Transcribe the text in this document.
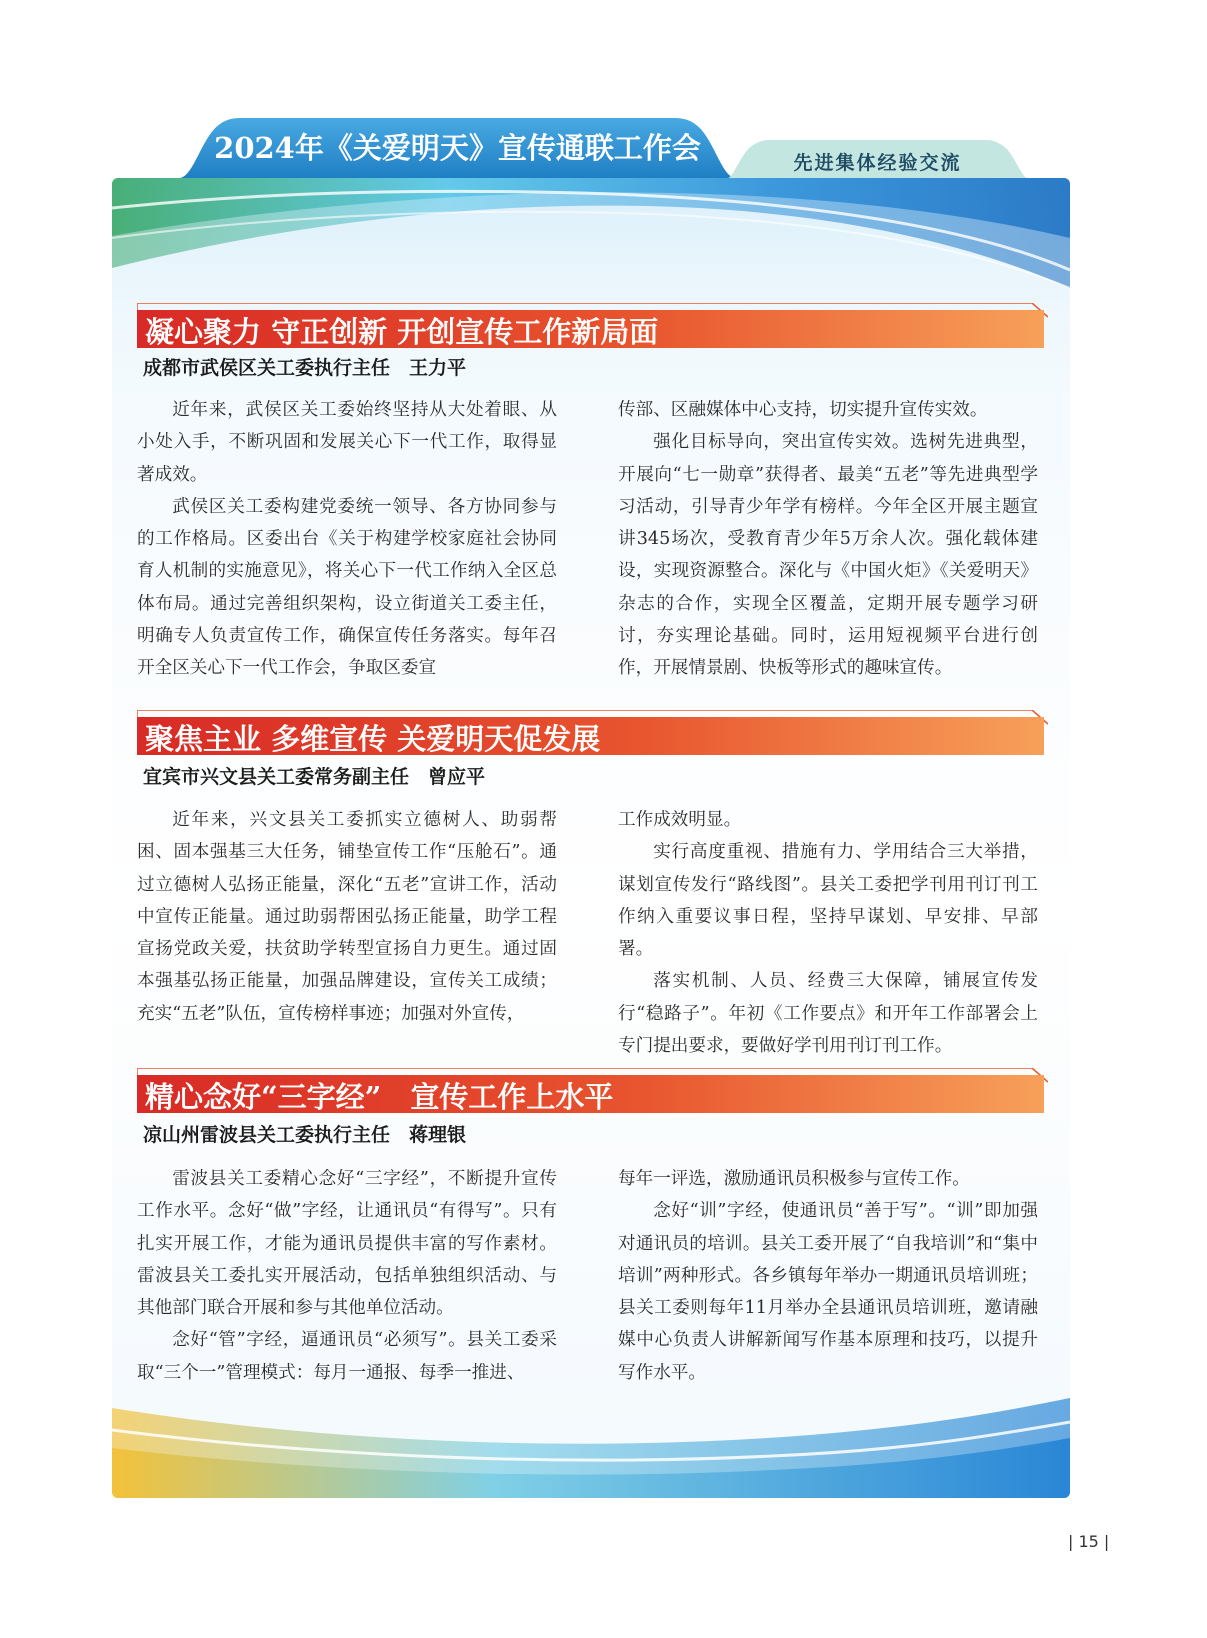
2024年《关爱明天》宣传通联工作会	先进集体经验交流
凝心聚力 守正创新 开创宣传工作新局面
成都市武侯区关工委执行主任　王力平

近年来，武侯区关工委始终坚持从大处着眼、从小处入手，不断巩固和发展关心下一代工作，取得显著成效。

武侯区关工委构建党委统一领导、各方协同参与的工作格局。区委出台《关于构建学校家庭社会协同育人机制的实施意见》，将关心下一代工作纳入全区总体布局。通过完善组织架构，设立街道关工委主任，明确专人负责宣传工作，确保宣传任务落实。每年召开全区关心下一代工作会，争取区委宣

传部、区融媒体中心支持，切实提升宣传实效。

强化目标导向，突出宣传实效。选树先进典型，开展向“七一勋章”获得者、最美“五老”等先进典型学习活动，引导青少年学有榜样。今年全区开展主题宣讲345场次，受教育青少年5万余人次。强化载体建设，实现资源整合。深化与《中国火炬》《关爱明天》杂志的合作，实现全区覆盖，定期开展专题学习研讨，夯实理论基础。同时，运用短视频平台进行创作，开展情景剧、快板等形式的趣味宣传。

聚焦主业 多维宣传 关爱明天促发展
宜宾市兴文县关工委常务副主任　曾应平

近年来，兴文县关工委抓实立德树人、助弱帮困、固本强基三大任务，铺垫宣传工作“压舱石”。通过立德树人弘扬正能量，深化“五老”宣讲工作，活动中宣传正能量。通过助弱帮困弘扬正能量，助学工程宣扬党政关爱，扶贫助学转型宣扬自力更生。通过固本强基弘扬正能量，加强品牌建设，宣传关工成绩；充实“五老”队伍，宣传榜样事迹；加强对外宣传，

工作成效明显。

实行高度重视、措施有力、学用结合三大举措，谋划宣传发行“路线图”。县关工委把学刊用刊订刊工作纳入重要议事日程，坚持早谋划、早安排、早部署。

落实机制、人员、经费三大保障，铺展宣传发行“稳路子”。年初《工作要点》和开年工作部署会上专门提出要求，要做好学刊用刊订刊工作。

精心念好“三字经”　宣传工作上水平
凉山州雷波县关工委执行主任　蒋理银

雷波县关工委精心念好“三字经”，不断提升宣传工作水平。念好“做”字经，让通讯员“有得写”。只有扎实开展工作，才能为通讯员提供丰富的写作素材。雷波县关工委扎实开展活动，包括单独组织活动、与其他部门联合开展和参与其他单位活动。

念好“管”字经，逼通讯员“必须写”。县关工委采取“三个一”管理模式：每月一通报、每季一推进、

每年一评选，激励通讯员积极参与宣传工作。

念好“训”字经，使通讯员“善于写”。“训”即加强对通讯员的培训。县关工委开展了“自我培训”和“集中培训”两种形式。各乡镇每年举办一期通讯员培训班；县关工委则每年11月举办全县通讯员培训班，邀请融媒中心负责人讲解新闻写作基本原理和技巧，以提升写作水平。

| 15 |
